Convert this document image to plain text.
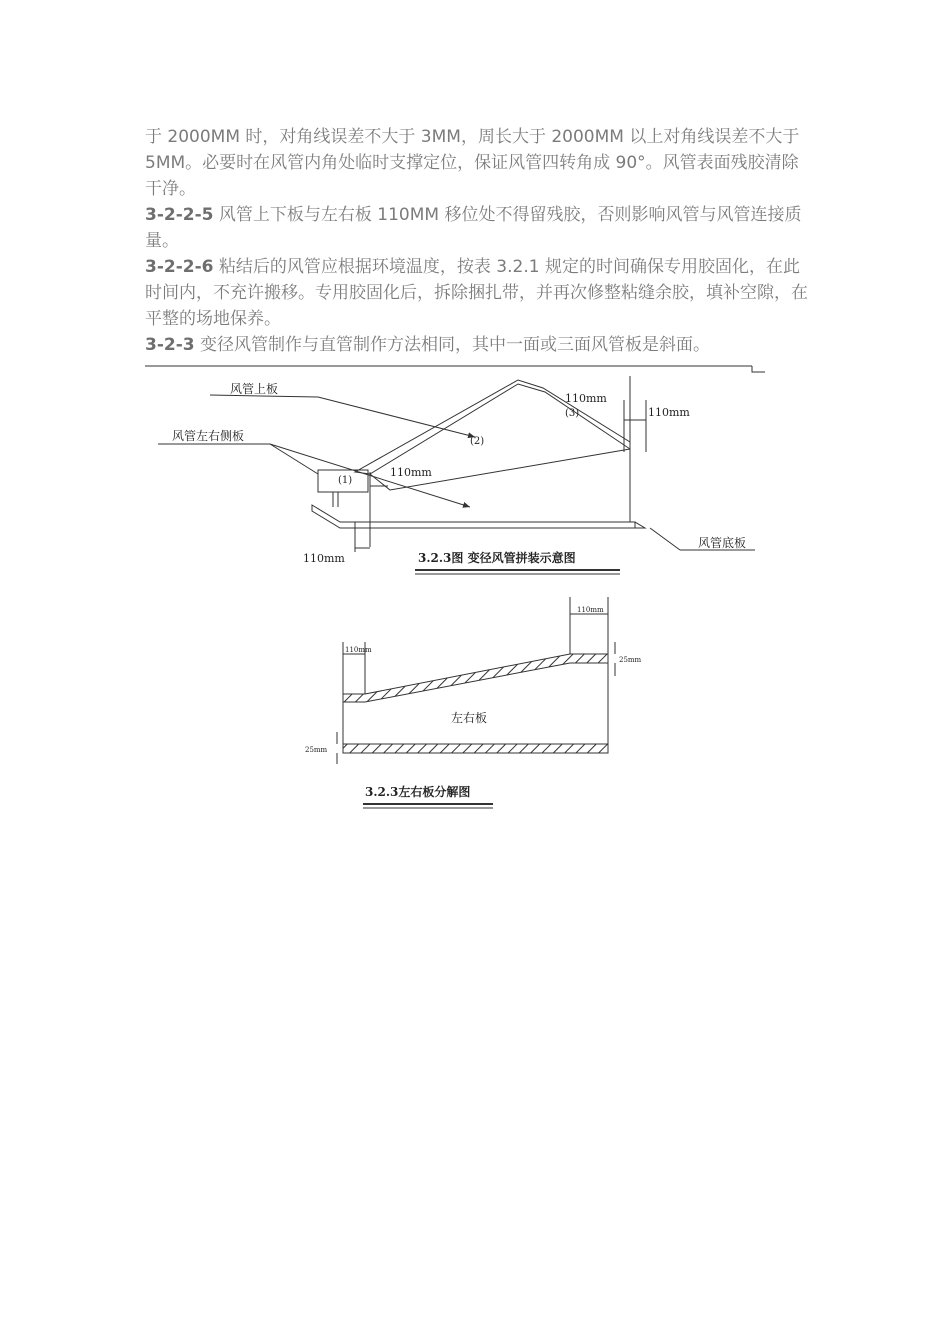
于 2000MM 时，对角线误差不大于 3MM，周长大于 2000MM 以上对角线误差不大于 5MM。必要时在风管内角处临时支撑定位，保证风管四转角成 90°。风管表面残胶清除干净。

3-2-2-5 风管上下板与左右板 110MM 移位处不得留残胶，否则影响风管与风管连接质量。

3-2-2-6 粘结后的风管应根据环境温度，按表 3.2.1 规定的时间确保专用胶固化，在此时间内，不充许搬移。专用胶固化后，拆除捆扎带，并再次修整粘缝余胶，填补空隙，在平整的场地保养。

3-2-3 变径风管制作与直管制作方法相同，其中一面或三面风管板是斜面。

风管上板
风管左右侧板
风管底板
(1)
(2)
(3)
110mm
110mm
110mm
110mm	3.2.3图 变径风管拼装示意图
110mm
110mm
25mm
25mm
左右板
3.2.3左右板分解图
